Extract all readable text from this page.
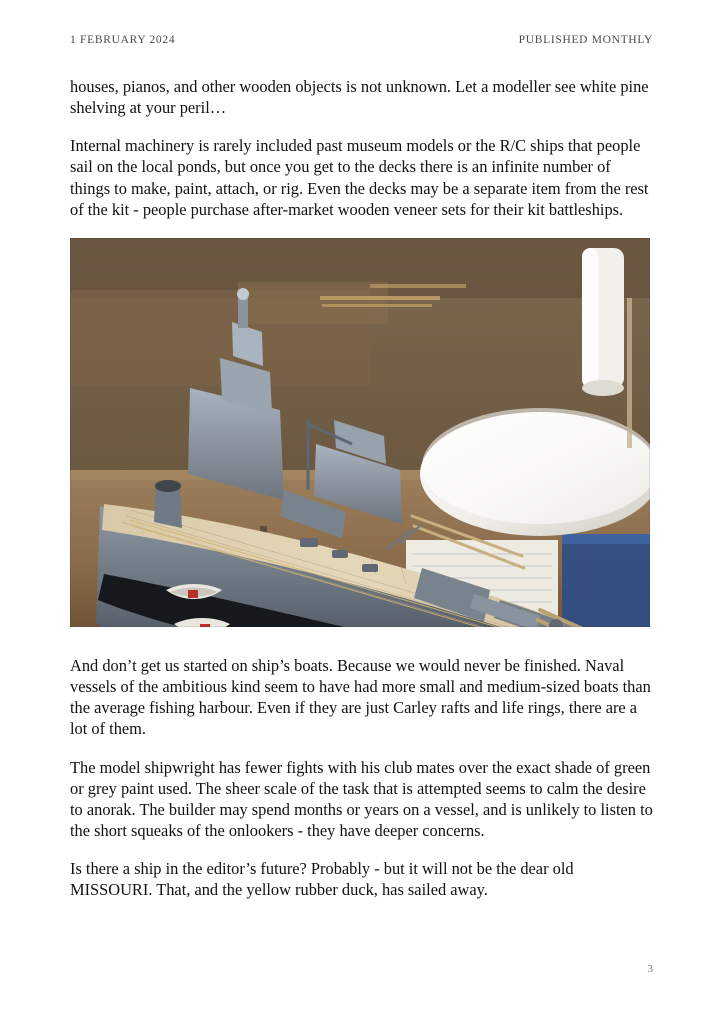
1 FEBRUARY 2024	PUBLISHED MONTHLY

houses, pianos, and other wooden objects is not unknown. Let a modeller see white pine shelving at your peril…

Internal machinery is rarely included past museum models or the R/C ships that people sail on the local ponds, but once you get to the decks there is an infinite number of things to make, paint, attach, or rig. Even the decks may be a separate item from the rest of the kit - people purchase after-market wooden veneer sets for their kit battleships.

And don’t get us started on ship’s boats. Because we would never be finished. Naval vessels of the ambitious kind seem to have had more small and medium-sized boats than the average fishing harbour. Even if they are just Carley rafts and life rings, there are a lot of them.

The model shipwright has fewer fights with his club mates over the exact shade of green or grey paint used. The sheer scale of the task that is attempted seems to calm the desire to anorak. The builder may spend months or years on a vessel, and is unlikely to listen to the short squeaks of the onlookers - they have deeper concerns.

Is there a ship in the editor’s future? Probably - but it will not be the dear old MISSOURI. That, and the yellow rubber duck, has sailed away.

3
